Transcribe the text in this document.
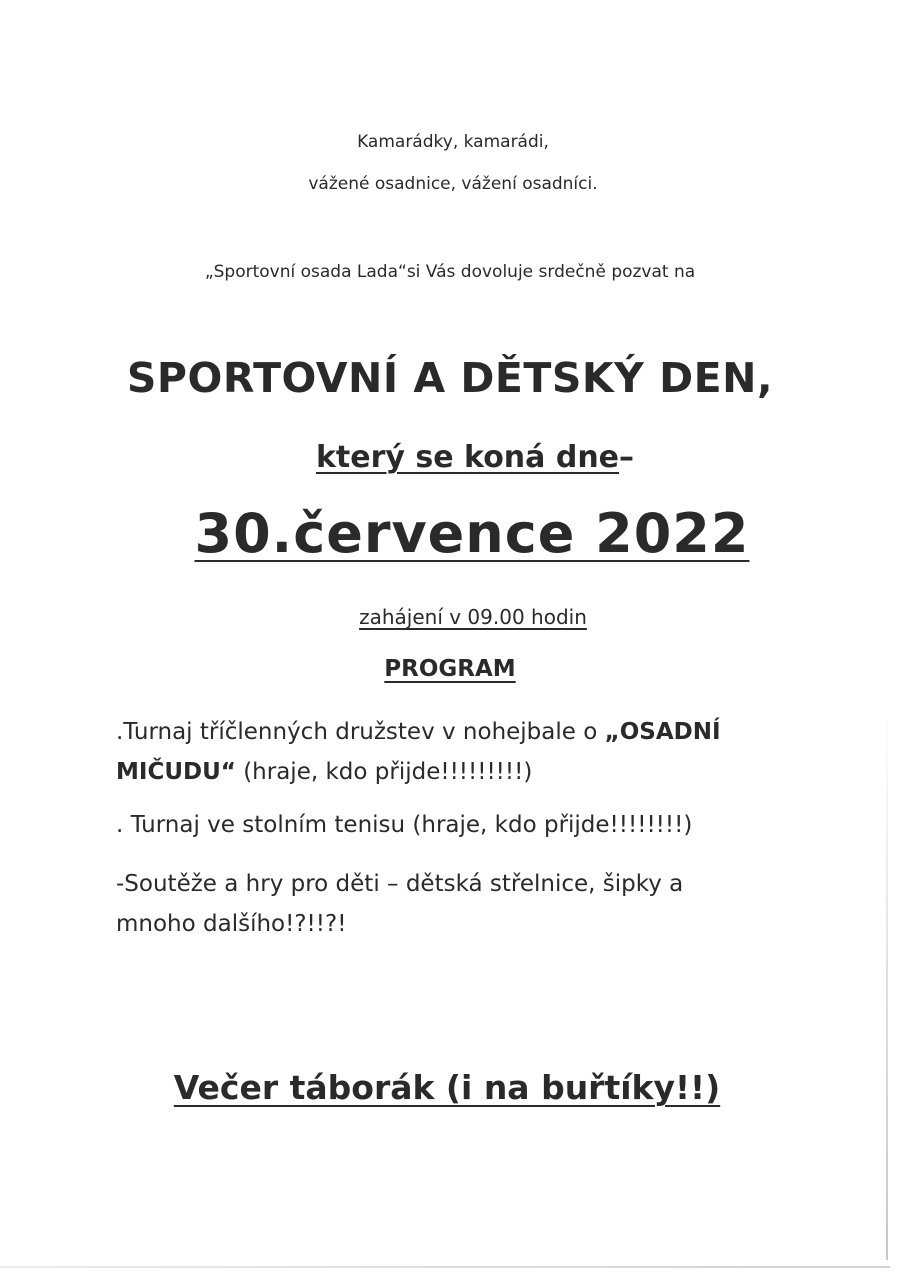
Kamarádky, kamarádi,
vážené osadnice, vážení osadníci.
„Sportovní osada Lada“si Vás dovoluje srdečně pozvat na
SPORTOVNÍ A DĚTSKÝ DEN,
který se koná dne–
30.července 2022
zahájení v 09.00 hodin
PROGRAM
.Turnaj tříčlenných družstev v nohejbale o „OSADNÍ MIČUDU“ (hraje, kdo přijde!!!!!!!!!)
. Turnaj ve stolním tenisu (hraje, kdo přijde!!!!!!!!)
-Soutěže a hry pro děti – dětská střelnice, šipky a mnoho dalšího!?!!?!
Večer táborák (i na buřtíky!!)
